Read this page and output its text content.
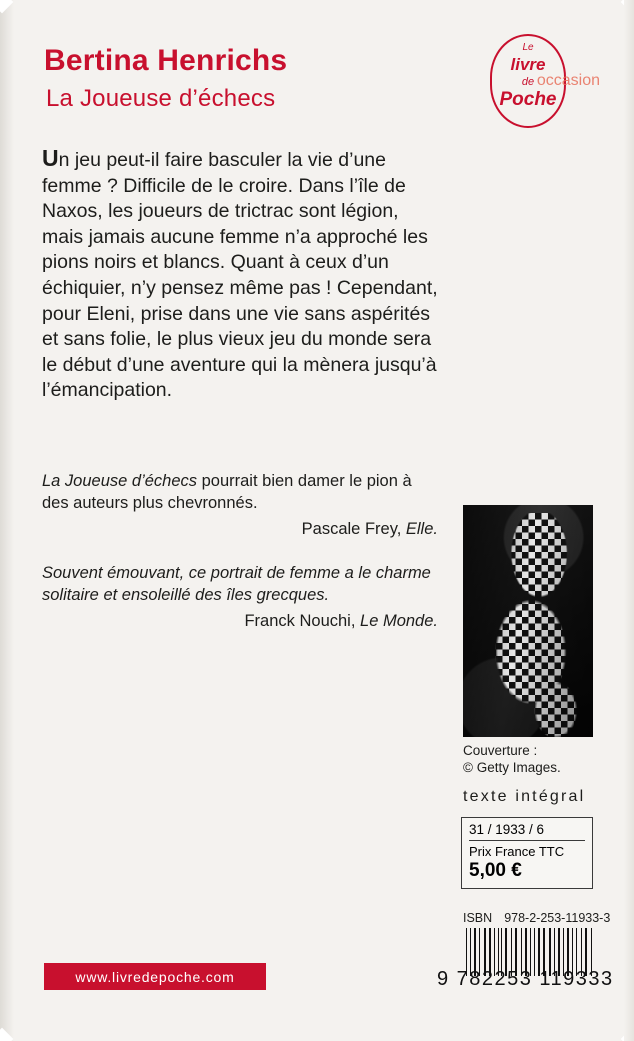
Bertina Henrichs
La Joueuse d’échecs
Le
livre
de
Poche
occasion
Un jeu peut-il faire basculer la vie d’une femme ? Difficile de le croire. Dans l’île de Naxos, les joueurs de trictrac sont légion, mais jamais aucune femme n’a approché les pions noirs et blancs. Quant à ceux d’un échiquier, n’y pensez même pas ! Cependant, pour Eleni, prise dans une vie sans aspérités et sans folie, le plus vieux jeu du monde sera le début d’une aventure qui la mènera jusqu’à l’émancipation.
La Joueuse d’échecs pourrait bien damer le pion à des auteurs plus chevronnés.
Pascale Frey, Elle.
Souvent émouvant, ce portrait de femme a le charme solitaire et ensoleillé des îles grecques.
Franck Nouchi, Le Monde.
Couverture :
© Getty Images.
texte intégral
31 / 1933 / 6
Prix France TTC
5,00 €
ISBN 978-2-253-11933-3
9 782253 119333
www.livredepoche.com
